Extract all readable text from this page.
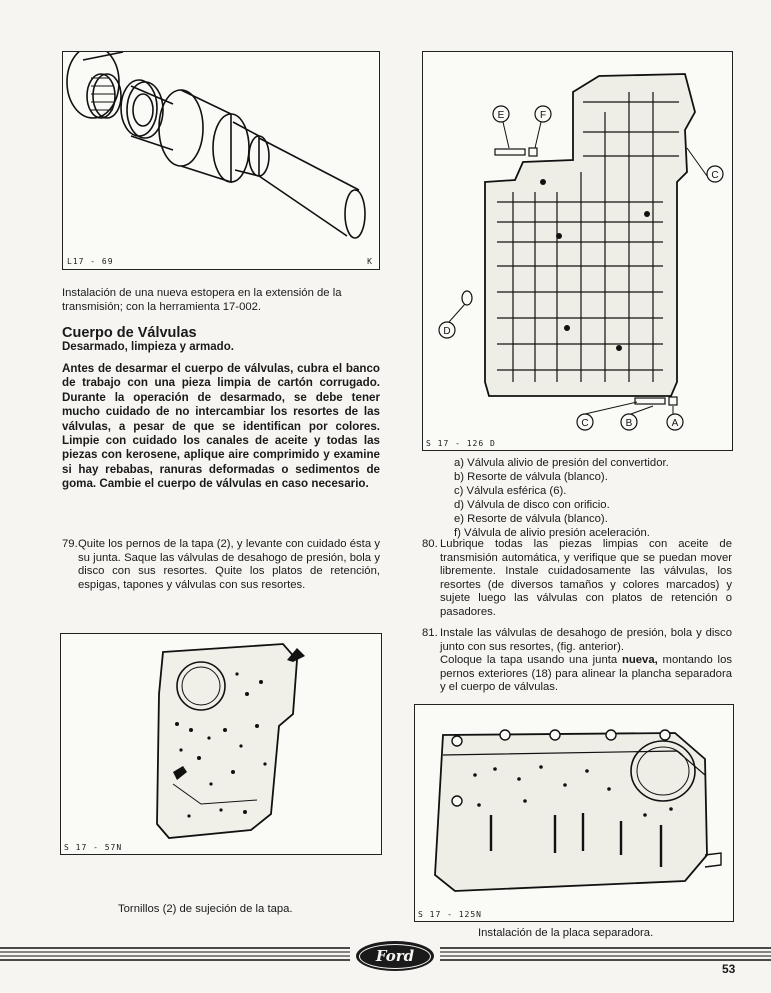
L17 - 69	K
Instalación de una nueva estopera en la extensión de la transmisión; con la herramienta 17-002.
Cuerpo de Válvulas
Desarmado, limpieza y armado.
Antes de desarmar el cuerpo de válvulas, cubra el banco de trabajo con una pieza limpia de cartón corrugado. Durante la operación de desarmado, se debe tener mucho cuidado de no intercambiar los resortes de las válvulas, a pesar de que se identifican por colores. Limpie con cuidado los canales de aceite y todas las piezas con kerosene, aplique aire comprimido y examine si hay rebabas, ranuras deformadas o sedimentos de goma. Cambie el cuerpo de válvulas en caso necesario.
79. Quite los pernos de la tapa (2), y levante con cuidado ésta y su junta. Saque las válvulas de desahogo de presión, bola y disco con sus resortes. Quite los platos de retención, espigas, tapones y válvulas con sus resortes.
S 17 - 57N
Tornillos (2) de sujeción de la tapa.
E	F
C
D
C	B	A
S 17 - 126 D
a) Válvula alivio de presión del convertidor.
b) Resorte de válvula (blanco).
c) Válvula esférica (6).
d) Válvula de disco con orificio.
e) Resorte de válvula (blanco).
f) Válvula de alivio presión aceleración.
80. Lubrique todas las piezas limpias con aceite de transmisión automática, y verifique que se puedan mover libremente. Instale cuidadosamente las válvulas, los resortes (de diversos tamaños y colores marcados) y sujete luego las válvulas con platos de retención o pasadores.
81. Instale las válvulas de desahogo de presión, bola y disco junto con sus resortes, (fig. anterior).
Coloque la tapa usando una junta nueva, montando los pernos exteriores (18) para alinear la plancha separadora y el cuerpo de válvulas.
S 17 - 125N
Instalación de la placa separadora.
Ford
53
